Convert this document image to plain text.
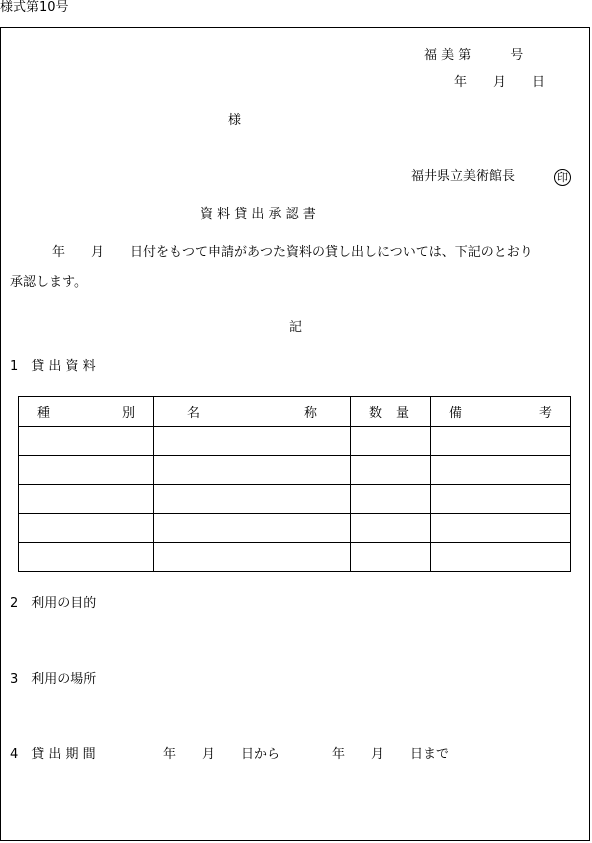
様式第10号
福 美 第　　　号
年　　月　　日
様
福井県立美術館長	印
資 料 貸 出 承 認 書
年　　月　　日付をもつて申請があつた資料の貸し出しについては、下記のとおり
承認します。
記
1　貸 出 資 料
種 別	名 称	数 量	備 考

2　利用の目的
3　利用の場所
4　貸 出 期 間	年　　月　　日から　　　　年　　月　　日まで
